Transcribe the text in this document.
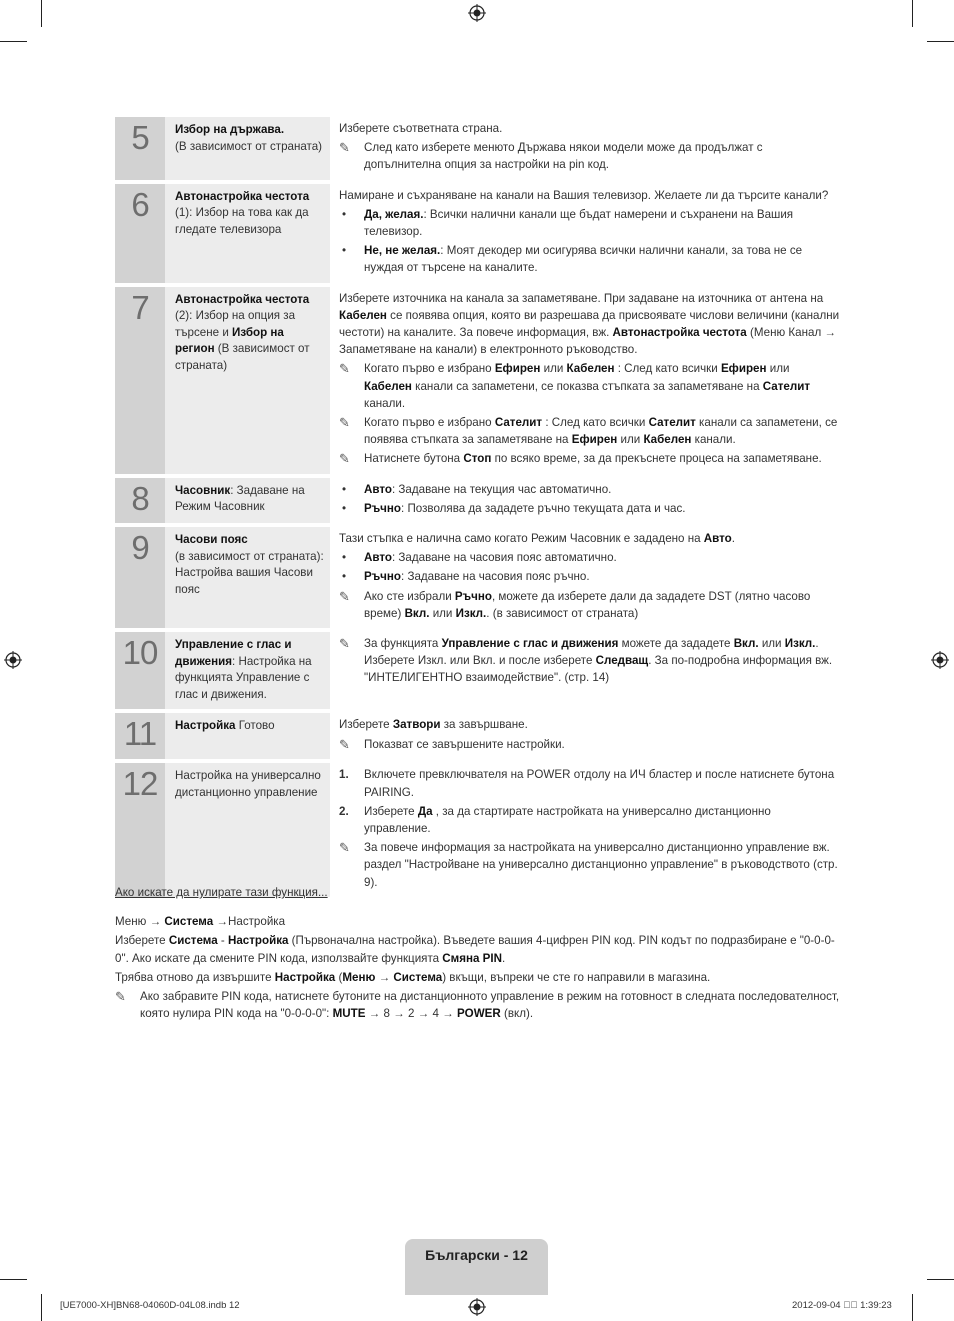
5	Избор на държава.
(В зависимост от страната)

Изберете съответната страна.

✎	След като изберете менюто Държава някои модели може да продължат с допълнителна опция за настройки на pin код.
6	Автонастройка честота (1): Избор на това как да гледате телевизора

Намиране и съхраняване на канали на Вашия телевизор. Желаете ли да търсите канали?

•	Да, желая.: Всички налични канали ще бъдат намерени и съхранени на Вашия телевизор.
•	Не, не желая.: Моят декодер ми осигурява всички налични канали, за това не се нуждая от търсене на каналите.
7	Автонастройка честота (2): Избор на опция за търсене и Избор на регион (В зависимост от страната)

Изберете източника на канала за запаметяване. При задаване на източника от антена на Кабелен се появява опция, която ви разрешава да присвоявате числови величини (канални честоти) на каналите. За повече информация, вж. Автонастройка честота (Меню Канал → Запаметяване на канали) в електронното ръководство.

✎	Когато първо е избрано Ефирен или Кабелен : След като всички Ефирен или Кабелен канали са запаметени, се показва стъпката за запаметяване на Сателит канали.
✎	Когато първо е избрано Сателит : След като всички Сателит канали са запаметени, се появява стъпката за запаметяване на Ефирен или Кабелен канали.
✎	Натиснете бутона Стоп по всяко време, за да прекъснете процеса на запаметяване.
8	Часовник: Задаване на Режим Часовник
•	Авто: Задаване на текущия час автоматично.
•	Ръчно: Позволява да зададете ръчно текущата дата и час.
9	Часови пояс
(в зависимост от страната): Настройва вашия Часови пояс

Тази стъпка е налична само когато Режим Часовник е зададено на Авто.

•	Авто: Задаване на часовия пояс автоматично.
•	Ръчно: Задаване на часовия пояс ръчно.
✎	Ако сте избрали Ръчно, можете да изберете дали да зададете DST (лятно часово време) Вкл. или Изкл.. (в зависимост от страната)
10	Управление с глас и движения: Настройка на функцията Управление с глас и движения.
✎	За функцията Управление с глас и движения можете да зададете Вкл. или Изкл.. Изберете Изкл. или Вкл. и после изберете Следващ. За по-подробна информация вж. "ИНТЕЛИГЕНТНО взаимодействие". (стр. 14)
11	Настройка Готово	Изберете Затвори за завършване.

✎	Показват се завършените настройки.
12	Настройка на универсално дистанционно управление
1.	Включете превключвателя на POWER отдолу на ИЧ бластер и после натиснете бутона PAIRING.
2.	Изберете Да , за да стартирате настройката на универсално дистанционно управление.
✎	За повече информация за настройката на универсално дистанционно управление вж. раздел "Настройване на универсално дистанционно управление" в ръководството (стр. 9).

Ако искате да нулирате тази функция...

Меню → Система →Настройка

Изберете Система - Настройка (Първоначална настройка). Въведете вашия 4-цифрен PIN код. PIN кодът по подразбиране е "0-0-0-0". Ако искате да смените PIN кода, използвайте функцията Смяна PIN.

Трябва отново да извършите Настройка (Меню → Система) вкъщи, въпреки че сте го направили в магазина.

✎	Ако забравите PIN кода, натиснете бутоните на дистанционното управление в режим на готовност в следната последователност, която нулира PIN кода на "0-0-0-0": MUTE → 8 → 2 → 4 → POWER (вкл).
Български - 12
[UE7000-XH]BN68-04060D-04L08.indb 12	2012-09-04 ￿￿ 1:39:23
